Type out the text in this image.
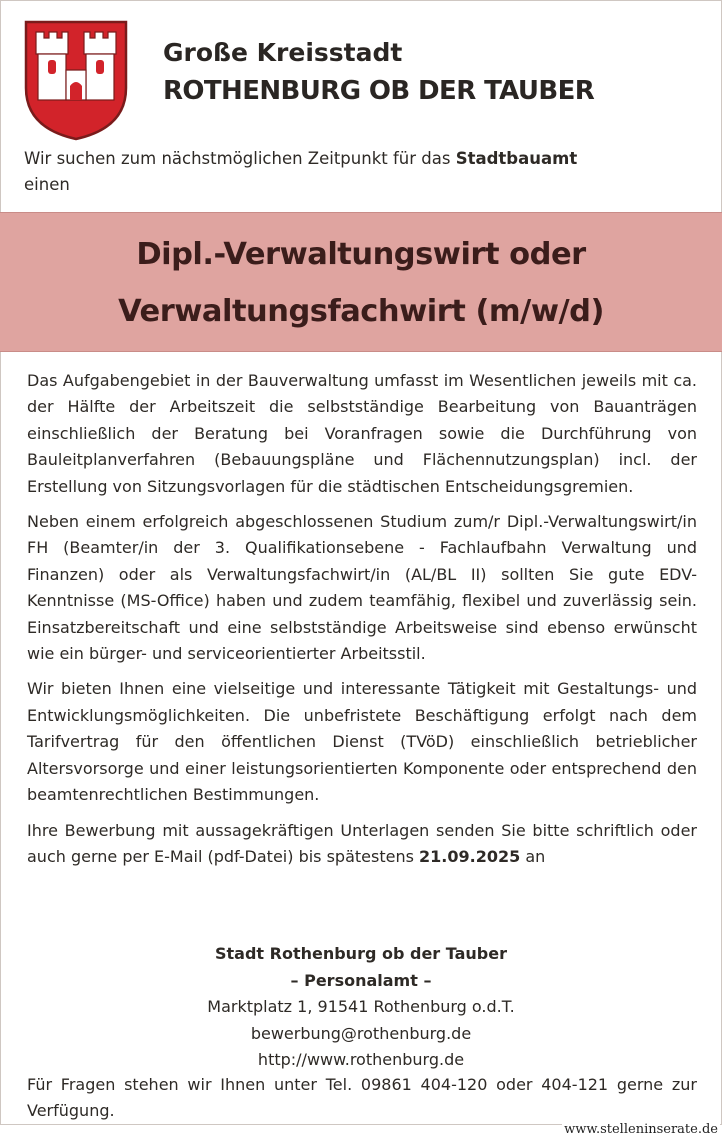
Große Kreisstadt
ROTHENBURG OB DER TAUBER
Wir suchen zum nächstmöglichen Zeitpunkt für das Stadtbauamt
einen
Dipl.-Verwaltungswirt oder
Verwaltungsfachwirt (m/w/d)

Das Aufgabengebiet in der Bauverwaltung umfasst im Wesentlichen jeweils mit ca. der Hälfte der Arbeitszeit die selbstständige Bearbeitung von Bauanträgen einschließlich der Beratung bei Voranfragen sowie die Durchführung von Bauleitplanverfahren (Bebauungspläne und Flächennutzungsplan) incl. der Erstellung von Sitzungsvorlagen für die städtischen Entscheidungsgremien.

Neben einem erfolgreich abgeschlossenen Studium zum/r Dipl.-Verwaltungswirt/in FH (Beamter/in der 3. Qualifikationsebene - Fachlaufbahn Verwaltung und Finanzen) oder als Verwaltungsfachwirt/in (AL/BL II) sollten Sie gute EDV-Kenntnisse (MS-Office) haben und zudem teamfähig, flexibel und zuverlässig sein. Einsatzbereitschaft und eine selbstständige Arbeitsweise sind ebenso erwünscht wie ein bürger- und serviceorientierter Arbeitsstil.

Wir bieten Ihnen eine vielseitige und interessante Tätigkeit mit Gestaltungs- und Entwicklungsmöglichkeiten. Die unbefristete Beschäftigung erfolgt nach dem Tarifvertrag für den öffentlichen Dienst (TVöD) einschließlich betrieblicher Altersvorsorge und einer leistungsorientierten Komponente oder entsprechend den beamtenrechtlichen Bestimmungen.

Ihre Bewerbung mit aussagekräftigen Unterlagen senden Sie bitte schriftlich oder auch gerne per E-Mail (pdf-Datei) bis spätestens 21.09.2025 an

Stadt Rothenburg ob der Tauber
– Personalamt –
Marktplatz 1, 91541 Rothenburg o.d.T.
bewerbung@rothenburg.de
http://www.rothenburg.de
Für Fragen stehen wir Ihnen unter Tel. 09861 404-120 oder 404-121 gerne zur Verfügung.
www.stelleninserate.de
